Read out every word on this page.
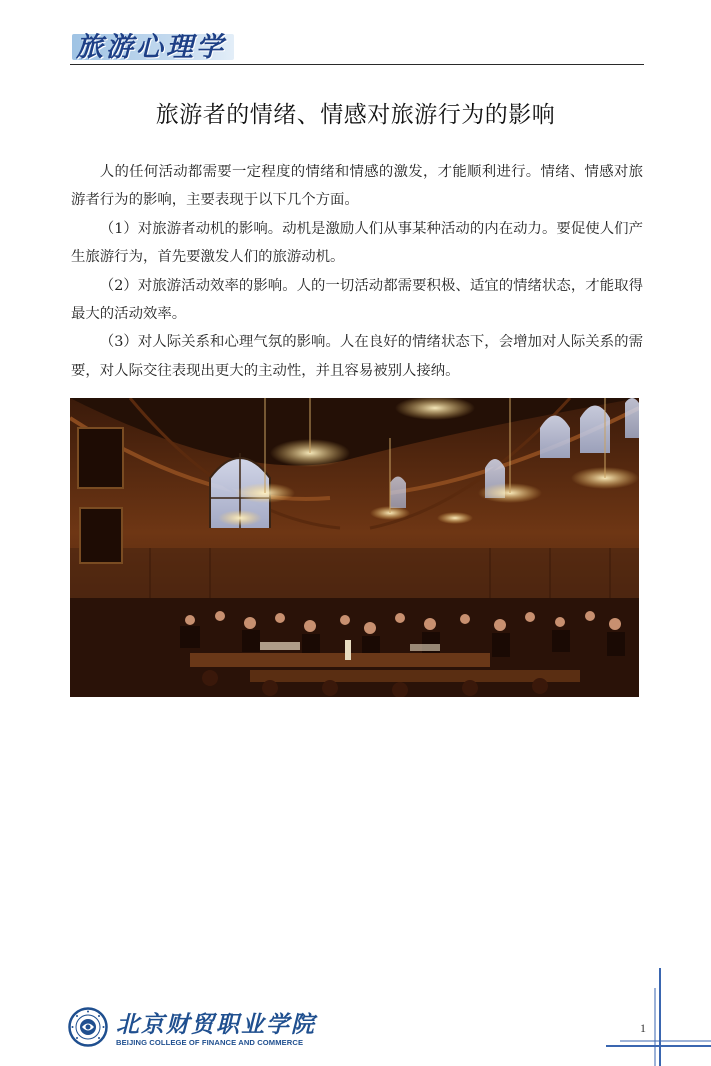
旅游心理学
旅游者的情绪、情感对旅游行为的影响

人的任何活动都需要一定程度的情绪和情感的激发，才能顺利进行。情绪、情感对旅游者行为的影响，主要表现于以下几个方面。

（1）对旅游者动机的影响。动机是激励人们从事某种活动的内在动力。要促使人们产生旅游行为，首先要激发人们的旅游动机。

（2）对旅游活动效率的影响。人的一切活动都需要积极、适宜的情绪状态，才能取得最大的活动效率。

（3）对人际关系和心理气氛的影响。人在良好的情绪状态下，会增加对人际关系的需要，对人际交往表现出更大的主动性，并且容易被别人接纳。

北京财贸职业学院
BEIJING COLLEGE OF FINANCE AND COMMERCE
1
